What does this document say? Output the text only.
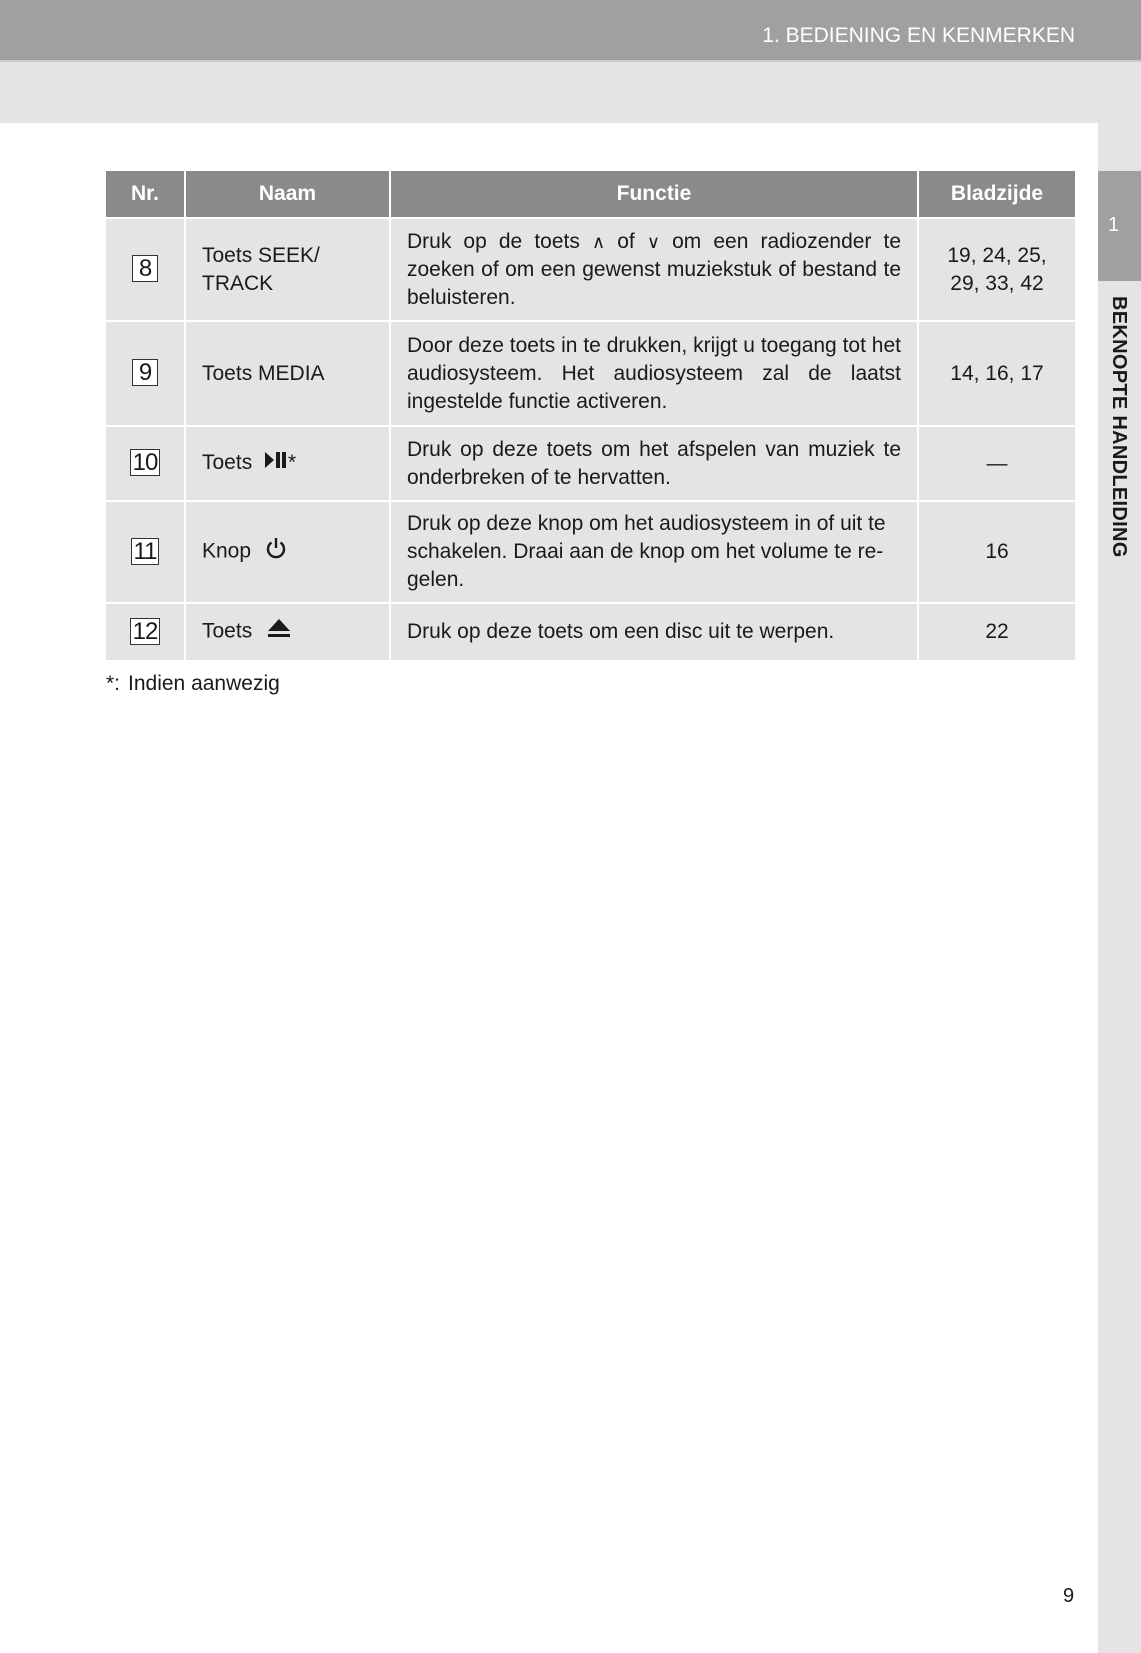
1. BEDIENING EN KENMERKEN
1
BEKNOPTE HANDLEIDING
Nr.	Naam	Functie	Bladzijde
8	Toets SEEK/ TRACK	Druk op de toets ∧ of ∨ om een radiozender te zoeken of om een gewenst muziekstuk of bestand te beluisteren.	19, 24, 25, 29, 33, 42
9	Toets MEDIA	Door deze toets in te drukken, krijgt u toegang tot het audiosysteem. Het audiosysteem zal de laatst ingestelde functie activeren.	14, 16, 17
10	Toets *	Druk op deze toets om het afspelen van muziek te onderbreken of te hervatten.	—
11	Knop	Druk op deze knop om het audiosysteem in of uit te schakelen. Draai aan de knop om het volume te re-gelen.	16
12	Toets	Druk op deze toets om een disc uit te werpen.	22
*: Indien aanwezig
9
